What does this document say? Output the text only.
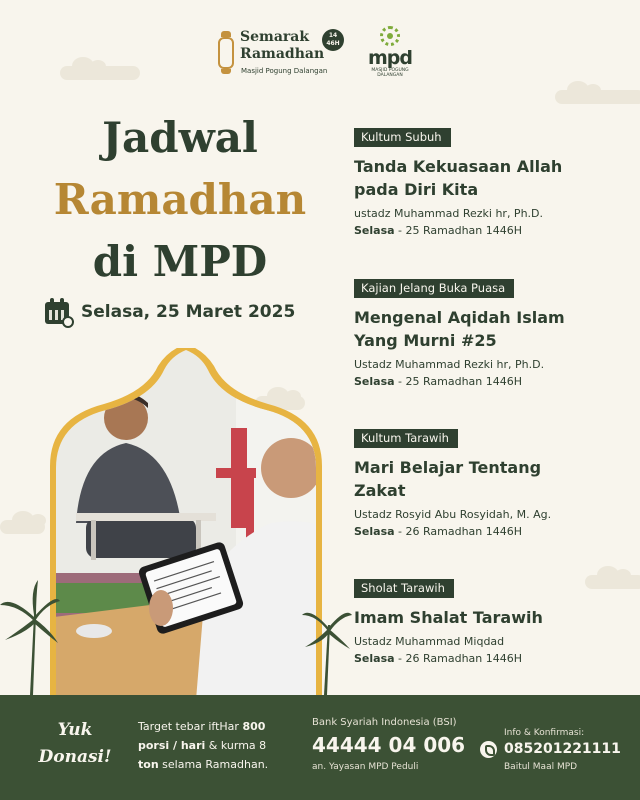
Semarak
Ramadhan
Masjid Pogung Dalangan
14
46H
mpd
MASJID POGUNG DALANGAN
Jadwal
Ramadhan
di MPD
Selasa, 25 Maret 2025
Kultum Subuh
Tanda Kekuasaan Allah
pada Diri Kita
ustadz Muhammad Rezki hr, Ph.D.
Selasa - 25 Ramadhan 1446H
Kajian Jelang Buka Puasa
Mengenal Aqidah Islam
Yang Murni #25
Ustadz Muhammad Rezki hr, Ph.D.
Selasa - 25 Ramadhan 1446H
Kultum Tarawih
Mari Belajar Tentang
Zakat
Ustadz Rosyid Abu Rosyidah, M. Ag.
Selasa - 26 Ramadhan 1446H
Sholat Tarawih
Imam Shalat Tarawih
Ustadz Muhammad Miqdad
Selasa - 26 Ramadhan 1446H
Yuk
Donasi!
Target tebar iftHar 800 porsi / hari & kurma 8 ton selama Ramadhan.
Bank Syariah Indonesia (BSI)
44444 04 006
an. Yayasan MPD Peduli
Info & Konfirmasi:
085201221111
Baitul Maal MPD
